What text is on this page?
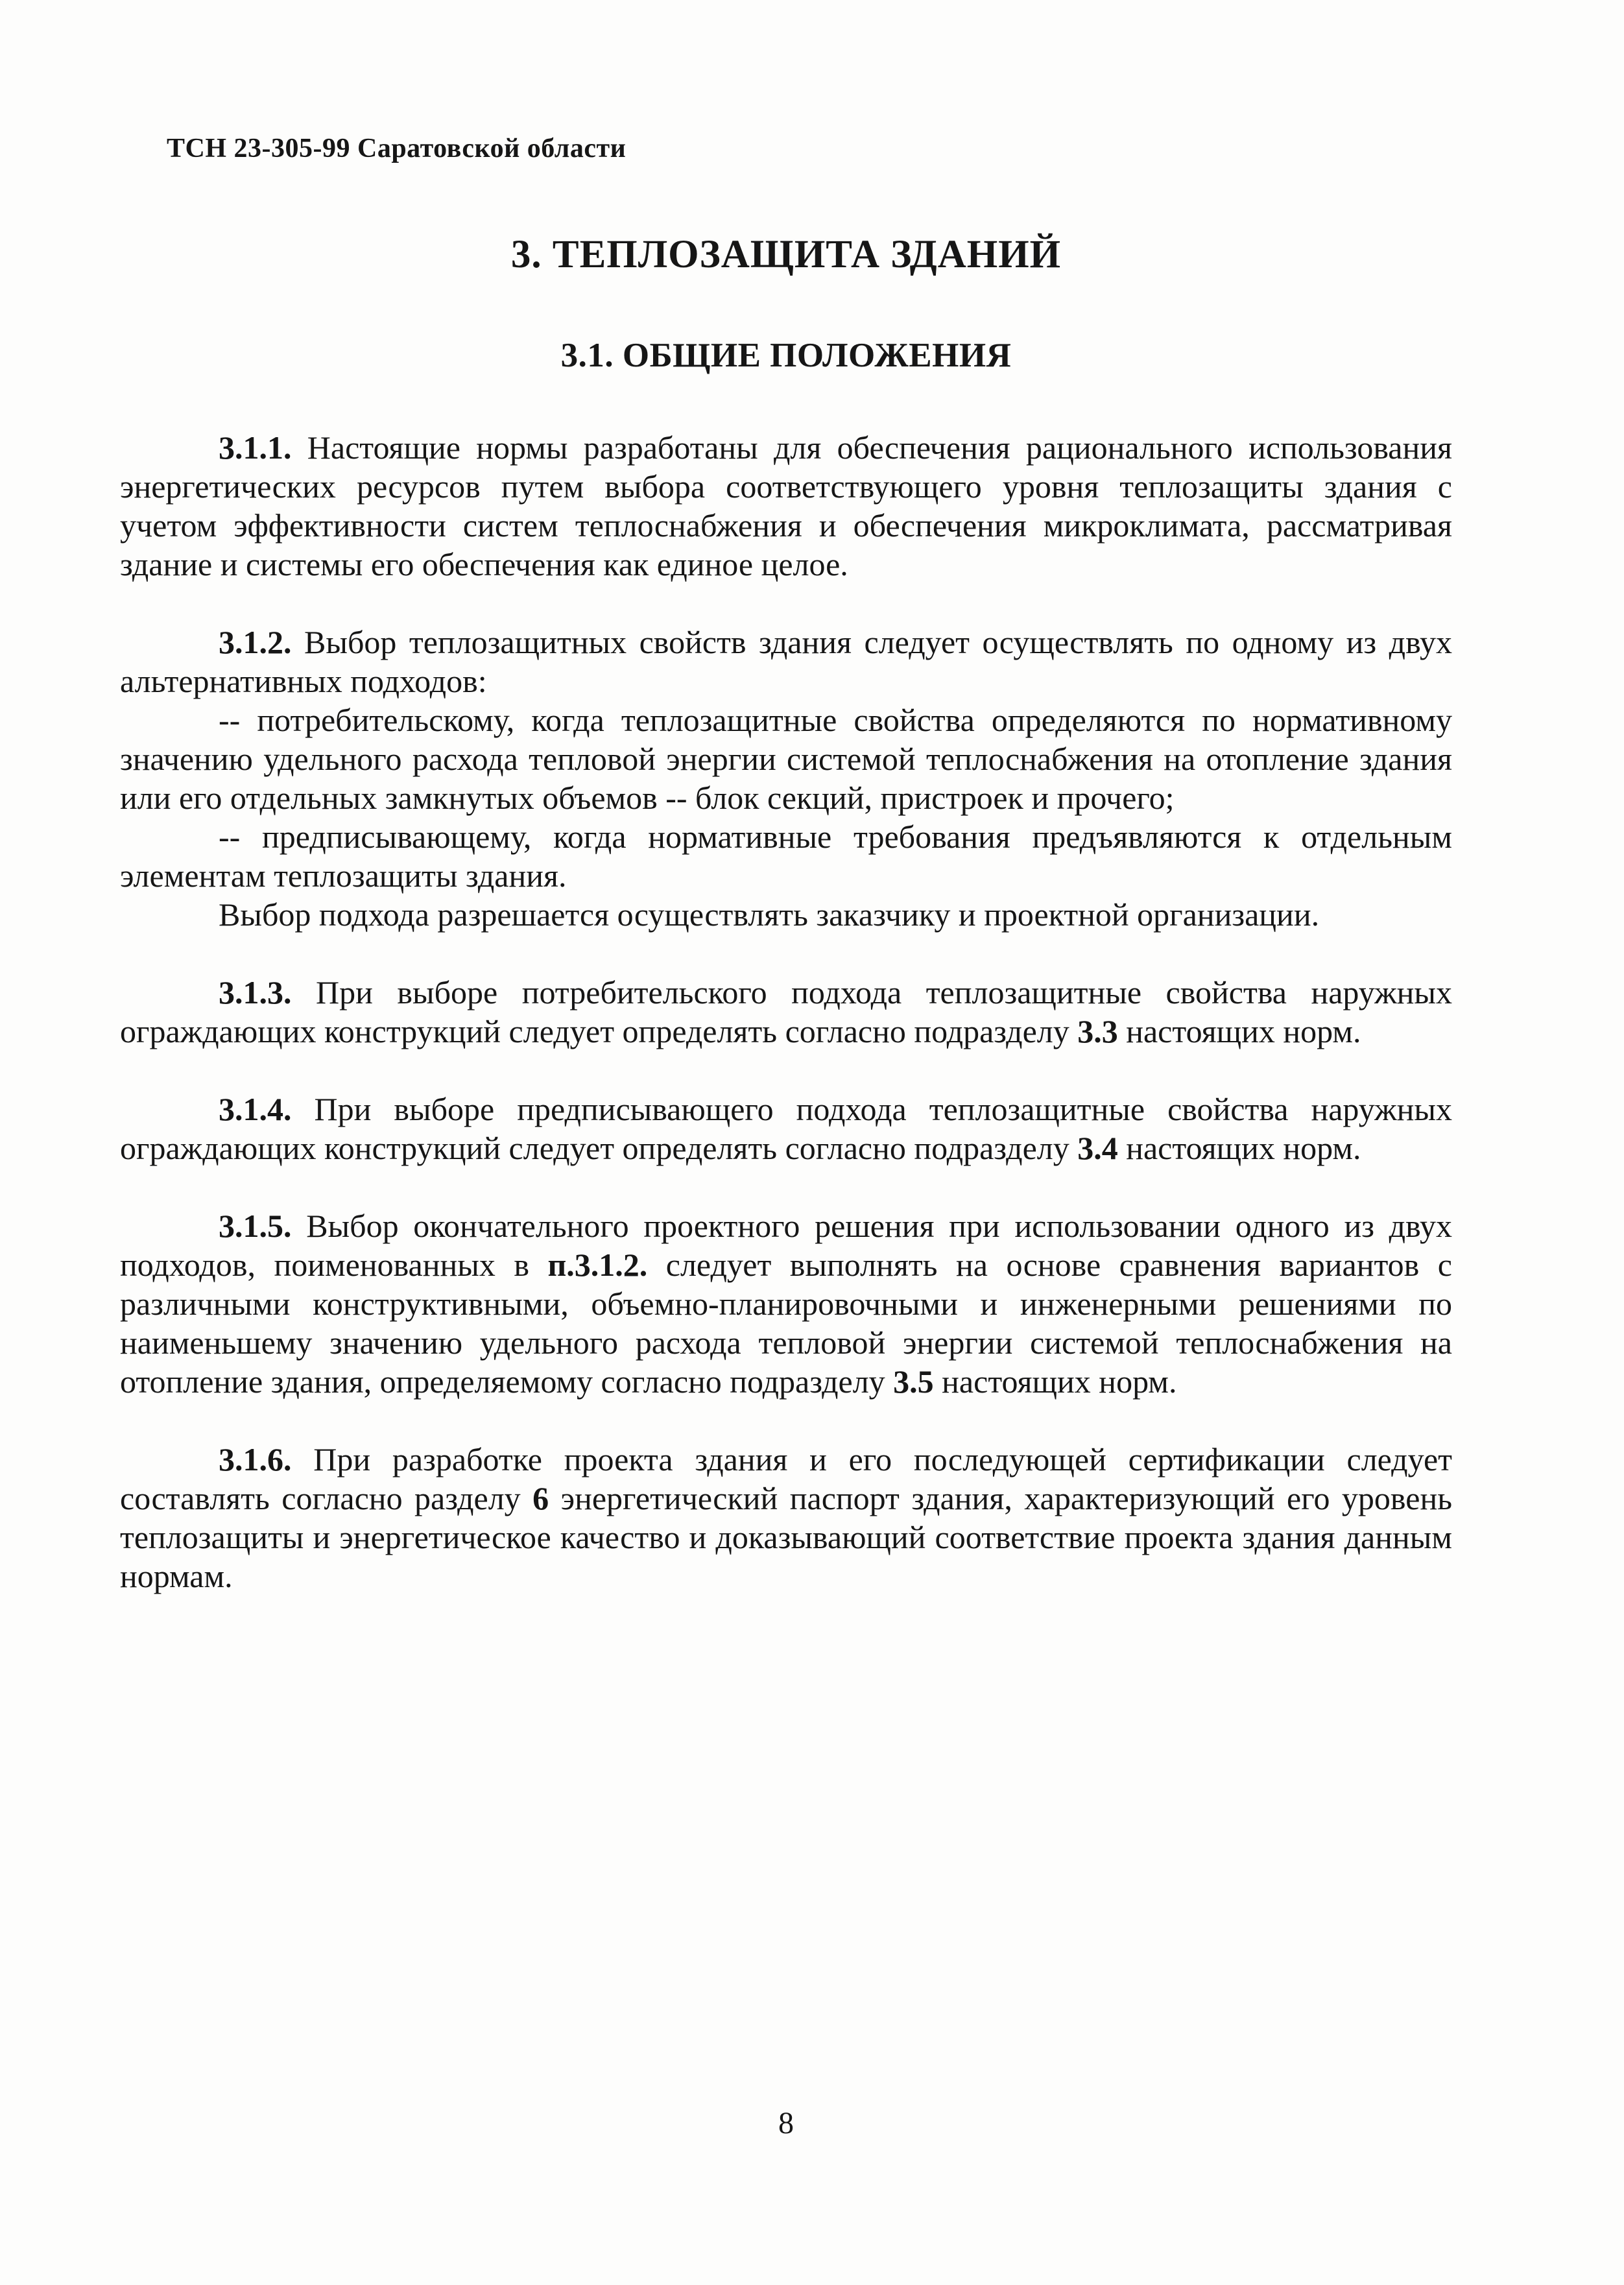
ТСН 23-305-99 Саратовской области
3. ТЕПЛОЗАЩИТА ЗДАНИЙ
3.1. ОБЩИЕ ПОЛОЖЕНИЯ

3.1.1. Настоящие нормы разработаны для обеспечения рационального использования энергетических ресурсов путем выбора соответствующего уровня теплозащиты здания с учетом эффективности систем теплоснабжения и обеспечения микроклимата, рассматривая здание и системы его обеспечения как единое целое.

3.1.2. Выбор теплозащитных свойств здания следует осуществлять по одному из двух альтернативных подходов:

-- потребительскому, когда теплозащитные свойства определяются по нормативному значению удельного расхода тепловой энергии системой теплоснабжения на отопление здания или его отдельных замкнутых объемов -- блок секций, пристроек и прочего;

-- предписывающему, когда нормативные требования предъявляются к отдельным элементам теплозащиты здания.

Выбор подхода разрешается осуществлять заказчику и проектной организации.

3.1.3. При выборе потребительского подхода теплозащитные свойства наружных ограждающих конструкций следует определять согласно подразделу 3.3 настоящих норм.

3.1.4. При выборе предписывающего подхода теплозащитные свойства наружных ограждающих конструкций следует определять согласно подразделу 3.4 настоящих норм.

3.1.5. Выбор окончательного проектного решения при использовании одного из двух подходов, поименованных в п.3.1.2. следует выполнять на основе сравнения вариантов с различными конструктивными, объемно-планировочными и инженерными решениями по наименьшему значению удельного расхода тепловой энергии системой теплоснабжения на отопление здания, определяемому согласно подразделу 3.5 настоящих норм.

3.1.6. При разработке проекта здания и его последующей сертификации следует составлять согласно разделу 6 энергетический паспорт здания, характеризующий его уровень теплозащиты и энергетическое качество и доказывающий соответствие проекта здания данным нормам.

8
